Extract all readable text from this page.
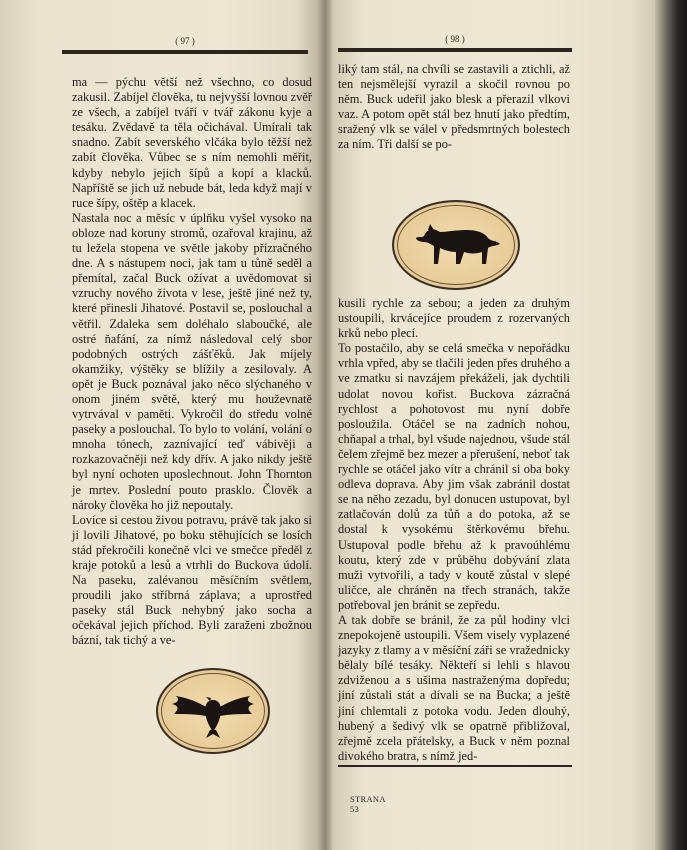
( 97 )	( 98 )

ma — pýchu větší než všechno, co dosud zakusil. Zabíjel člověka, tu nejvyšší lovnou zvěř ze všech, a zabíjel tváří v tvář zákonu kyje a tesáku. Zvědavě ta těla očichával. Umírali tak snadno. Zabít severského vlčáka bylo těžší než zabít člověka. Vůbec se s ním nemohli měřit, kdyby nebylo jejich šípů a kopí a klacků. Napříště se jich už nebude bát, leda když mají v ruce šípy, oštěp a klacek.

Nastala noc a měsíc v úplňku vyšel vysoko na obloze nad koruny stromů, ozařoval krajinu, až tu ležela stopena ve světle jakoby přízračného dne. A s nástupem noci, jak tam u tůně seděl a přemítal, začal Buck ožívat a uvědomovat si vzruchy nového života v lese, ještě jiné než ty, které přinesli Jihatové. Postavil se, poslouchal a větřil. Zdaleka sem doléhalo slaboučké, ale ostré ňafání, za nímž následoval celý sbor podobných ostrých zášťěků. Jak míjely okamžiky, výštěky se blížily a zesilovaly. A opět je Buck poznával jako něco slýchaného v onom jiném světě, který mu houževnatě vytrvával v paměti. Vykročil do středu volné paseky a poslouchal. To bylo to volání, volání o mnoha tónech, zaznívající teď vábivěji a rozkazovačněji než kdy dřív. A jako nikdy ještě byl nyní ochoten uposlechnout. John Thornton je mrtev. Poslední pouto prasklo. Člověk a nároky člověka ho již nepoutaly.

Lovíce si cestou živou potravu, právě tak jako si ji lovili Jihatové, po boku stěhujících se losích stád překročili konečně vlci ve smečce předěl z kraje potoků a lesů a vtrhli do Buckova údolí. Na paseku, zalévanou měsíčním světlem, proudili jako stříbrná záplava; a uprostřed paseky stál Buck nehybný jako socha a očekával jejich příchod. Byli zaraženi zbožnou bázní, tak tichý a ve-

liký tam stál, na chvíli se zastavili a ztichli, až ten nejsmělejší vyrazil a skočil rovnou po něm. Buck udeřil jako blesk a přerazil vlkovi vaz. A potom opět stál bez hnutí jako předtím, sražený vlk se válel v předsmrtných bolestech za ním. Tři další se po-

kusili rychle za sebou; a jeden za druhým ustoupili, krvácejíce proudem z rozervaných krků nebo plecí.

To postačilo, aby se celá smečka v nepořádku vrhla vpřed, aby se tlačili jeden přes druhého a ve zmatku si navzájem překáželi, jak dychtili udolat novou kořist. Buckova zázračná rychlost a pohotovost mu nyní dobře posloužila. Otáčel se na zadních nohou, chňapal a trhal, byl všude najednou, všude stál čelem zřejmě bez mezer a přerušení, neboť tak rychle se otáčel jako vítr a chránil si oba boky odleva doprava. Aby jim však zabránil dostat se na něho zezadu, byl donucen ustupovat, byl zatlačován dolů za tůň a do potoka, až se dostal k vysokému štěrkovému břehu. Ustupoval podle břehu až k pravoúhlému koutu, který zde v průběhu dobývání zlata muži vytvořili, a tady v koutě zůstal v slepé uličce, ale chráněn na třech stranách, takže potřeboval jen bránit se zepředu.

A tak dobře se bránil, že za půl hodiny vlci znepokojeně ustoupili. Všem visely vyplazené jazyky z tlamy a v měsíční záři se vražednicky bělaly bílé tesáky. Někteří si lehli s hlavou zdviženou a s ušima nastraženýma dopředu; jiní zůstali stát a dívali se na Bucka; a ještě jiní chlemtali z potoka vodu. Jeden dlouhý, hubený a šedivý vlk se opatrně přibližoval, zřejmě zcela přátelsky, a Buck v něm poznal divokého bratra, s nímž jed-

STRANA
53
